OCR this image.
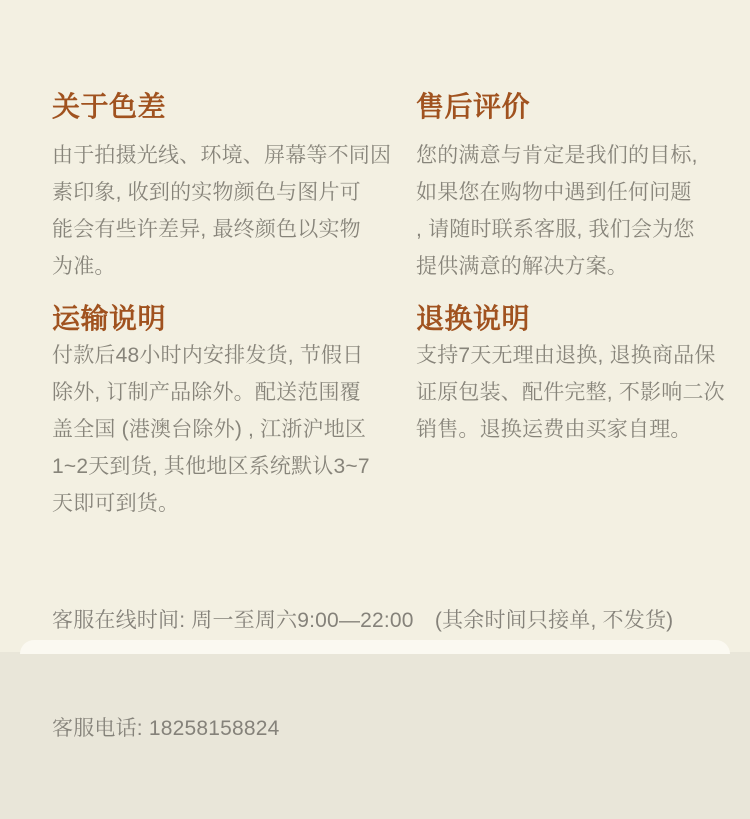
关于色差
由于拍摄光线、环境、屏幕等不同因
素印象, 收到的实物颜色与图片可
能会有些许差异, 最终颜色以实物
为准。
售后评价
您的满意与肯定是我们的目标,
如果您在购物中遇到任何问题
, 请随时联系客服, 我们会为您
提供满意的解决方案。
运输说明
付款后48小时内安排发货, 节假日
除外, 订制产品除外。配送范围覆
盖全国 (港澳台除外) , 江浙沪地区
1~2天到货, 其他地区系统默认3~7
天即可到货。
退换说明
支持7天无理由退换, 退换商品保
证原包装、配件完整, 不影响二次
销售。退换运费由买家自理。

客服在线时间: 周一至周六9:00—22:00　(其余时间只接单, 不发货)

客服电话: 18258158824
